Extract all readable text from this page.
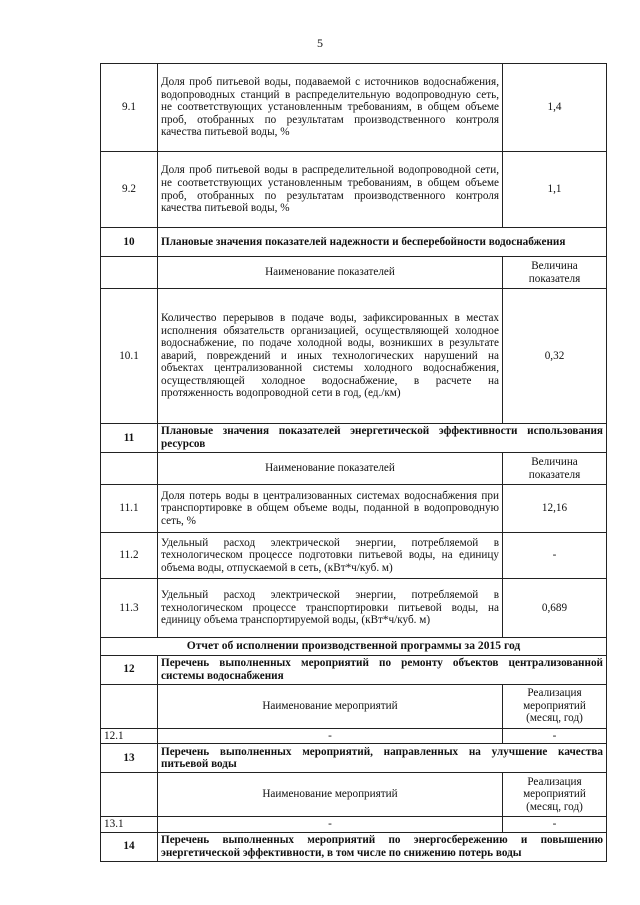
5
9.1	Доля проб питьевой воды, подаваемой с источников водоснабжения, водопроводных станций в распределительную водопроводную сеть, не соответствующих установленным требованиям, в общем объеме проб, отобранных по результатам производственного контроля качества питьевой воды, %	1,4
9.2	Доля проб питьевой воды в распределительной водопроводной сети, не соответствующих установленным требованиям, в общем объеме проб, отобранных по результатам производственного контроля качества питьевой воды, %	1,1
10	Плановые значения показателей надежности и бесперебойности водоснабжения	
	Наименование показателей	Величина показателя
10.1	Количество перерывов в подаче воды, зафиксированных в местах исполнения обязательств организацией, осуществляющей холодное водоснабжение, по подаче холодной воды, возникших в результате аварий, повреждений и иных технологических нарушений на объектах централизованной системы холодного водоснабжения, осуществляющей холодное водоснабжение, в расчете на протяженность водопроводной сети в год, (ед./км)	0,32
11	Плановые значения показателей энергетической эффективности использования ресурсов	
	Наименование показателей	Величина показателя
11.1	Доля потерь воды в централизованных системах водоснабжения при транспортировке в общем объеме воды, поданной в водопроводную сеть, %	12,16
11.2	Удельный расход электрической энергии, потребляемой в технологическом процессе подготовки питьевой воды, на единицу объема воды, отпускаемой в сеть, (кВт*ч/куб. м)	-
11.3	Удельный расход электрической энергии, потребляемой в технологическом процессе транспортировки питьевой воды, на единицу объема транспортируемой воды, (кВт*ч/куб. м)	0,689
Отчет об исполнении производственной программы за 2015 год		
12	Перечень выполненных мероприятий по ремонту объектов централизованной системы водоснабжения	
	Наименование мероприятий	Реализация мероприятий (месяц, год)
12.1	-	-
13	Перечень выполненных мероприятий, направленных на улучшение качества питьевой воды	
	Наименование мероприятий	Реализация мероприятий (месяц, год)
13.1	-	-
14	Перечень выполненных мероприятий по энергосбережению и повышению энергетической эффективности, в том числе по снижению потерь воды	
